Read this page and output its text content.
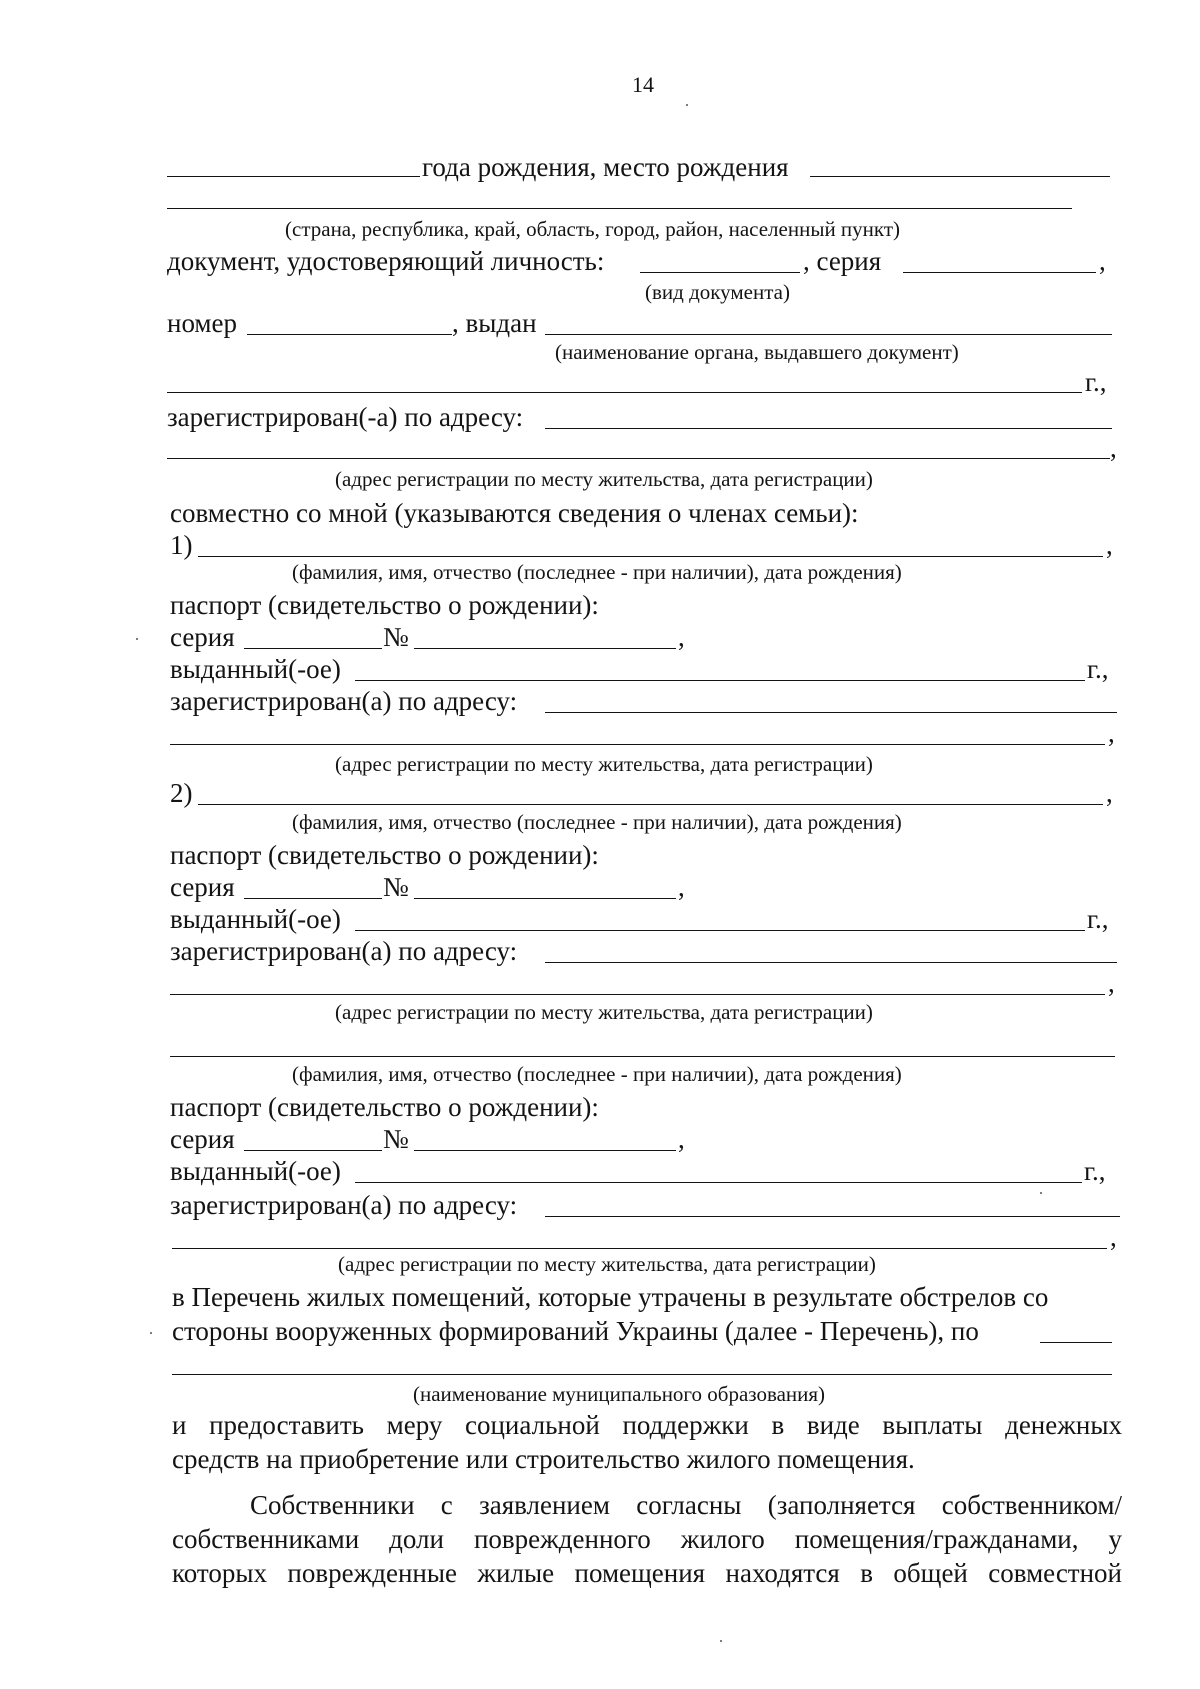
14
года рождения, место рождения
(страна, республика, край, область, город, район, населенный пункт)
документ, удостоверяющий личность:	, серия	,
(вид документа)
номер	, выдан
(наименование органа, выдавшего документ)
г.,
зарегистрирован(-а) по адресу:
,
(адрес регистрации по месту жительства, дата регистрации)
совместно со мной (указываются сведения о членах семьи):
1)	,
(фамилия, имя, отчество (последнее - при наличии), дата рождения)
паспорт (свидетельство о рождении):
серия	№	,
выданный(-ое)	г.,
зарегистрирован(а) по адресу:
,
(адрес регистрации по месту жительства, дата регистрации)
2)	,
(фамилия, имя, отчество (последнее - при наличии), дата рождения)
паспорт (свидетельство о рождении):
серия	№	,
выданный(-ое)	г.,
зарегистрирован(а) по адресу:
,
(адрес регистрации по месту жительства, дата регистрации)
(фамилия, имя, отчество (последнее - при наличии), дата рождения)
паспорт (свидетельство о рождении):
серия	№	,
выданный(-ое)	г.,
зарегистрирован(а) по адресу:
,
(адрес регистрации по месту жительства, дата регистрации)
в Перечень жилых помещений, которые утрачены в результате обстрелов со
стороны вооруженных формирований Украины (далее - Перечень), по
(наименование муниципального образования)
и предоставить меру социальной поддержки в виде выплаты денежных
средств на приобретение или строительство жилого помещения.
Собственники с заявлением согласны (заполняется собственником/
собственниками доли поврежденного жилого помещения/гражданами, у
которых поврежденные жилые помещения находятся в общей совместной
